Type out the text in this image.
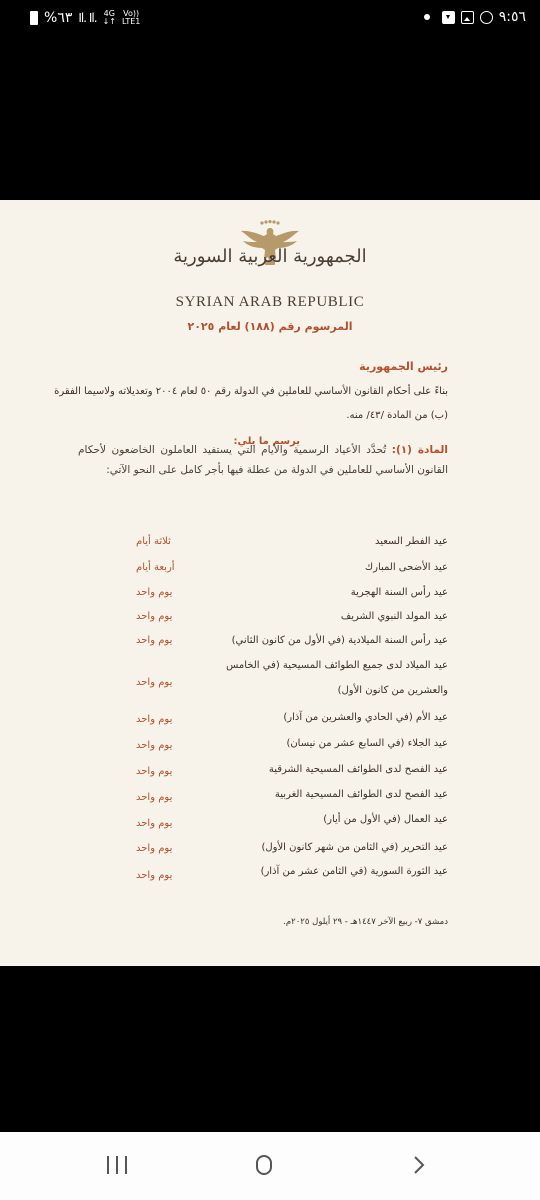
%٦٣ Il. Il. 4G
↓↑
Vo))
LTE1	٩:٥٦
الجمهورية العربية السورية
SYRIAN ARAB REPUBLIC
المرسوم رقم (١٨٨) لعام ٢٠٢٥
رئيس الجمهورية
بناءً على أحكام القانون الأساسي للعاملين في الدولة رقم ٥٠ لعام ٢٠٠٤ وتعديلاته ولاسيما الفقرة
(ب) من المادة /٤٣/ منه.
يرسم ما يلي:
المادة (١): تُحدَّد الأعياد الرسمية والأيام التي يستفيد العاملون الخاضعون لأحكام القانون الأساسي للعاملين في الدولة من عطلة فيها بأجر كامل على النحو الآتي:
عيد الفطر السعيد
ثلاثة أيام
عيد الأضحى المبارك
أربعة أيام
عيد رأس السنة الهجرية
يوم واحد
عيد المولد النبوي الشريف
يوم واحد
عيد رأس السنة الميلادية (في الأول من كانون الثاني)
يوم واحد
عيد الميلاد لدى جميع الطوائف المسيحية (في الخامس
يوم واحد
والعشرين من كانون الأول)
عيد الأم (في الحادي والعشرين من آذار)
يوم واحد
عيد الجلاء (في السابع عشر من نيسان)
يوم واحد
عيد الفصح لدى الطوائف المسيحية الشرقية
يوم واحد
عيد الفصح لدى الطوائف المسيحية الغربية
يوم واحد
عيد العمال (في الأول من أيار)
يوم واحد
عيد التحرير (في الثامن من شهر كانون الأول)
يوم واحد
عيد الثورة السورية (في الثامن عشر من آذار)
يوم واحد
دمشق ٧- ربيع الآخر ١٤٤٧هـ - ٢٩ أيلول ٢٠٢٥م.
